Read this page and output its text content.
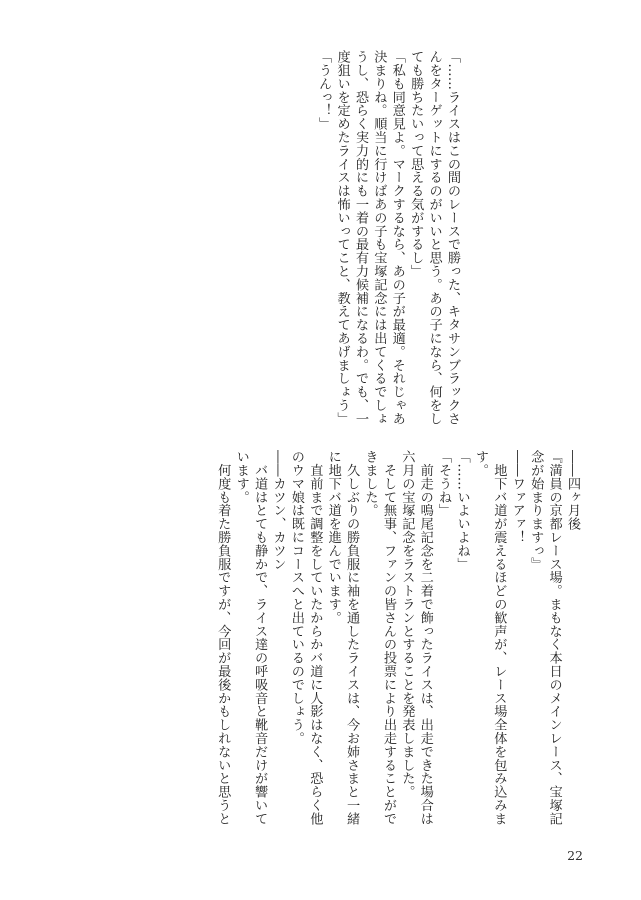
「……ライスはこの間のレースで勝った、キタサンブラックさ

んをターゲットにするのがいいと思う。あの子になら、何をし

ても勝ちたいって思える気がするし」

「私も同意見よ。マークするなら、あの子が最適。それじゃあ

決まりね。順当に行けばあの子も宝塚記念には出てくるでしょ

うし、恐らく実力的にも一着の最有力候補になるわ。でも、一

度狙いを定めたライスは怖いってこと、教えてあげましょう」

「うんっ！」

――四ヶ月後

『満員の京都レース場。まもなく本日のメインレース、宝塚記

念が始まりますっ』

――ワァアァ！

　地下バ道が震えるほどの歓声が、レース場全体を包み込みま

す。

「……いよいよね」

「そうね」

　前走の鳴尾記念を二着で飾ったライスは、出走できた場合は

六月の宝塚記念をラストランとすることを発表しました。

　そして無事、ファンの皆さんの投票により出走することがで

きました。

　久しぶりの勝負服に袖を通したライスは、今お姉さまと一緒

に地下バ道を進んでいます。

　直前まで調整をしていたからかバ道に人影はなく、恐らく他

のウマ娘は既にコースへと出ているのでしょう。

――カツン、カツン

　バ道はとても静かで、ライス達の呼吸音と靴音だけが響いて

います。

　何度も着た勝負服ですが、今回が最後かもしれないと思うと

22
